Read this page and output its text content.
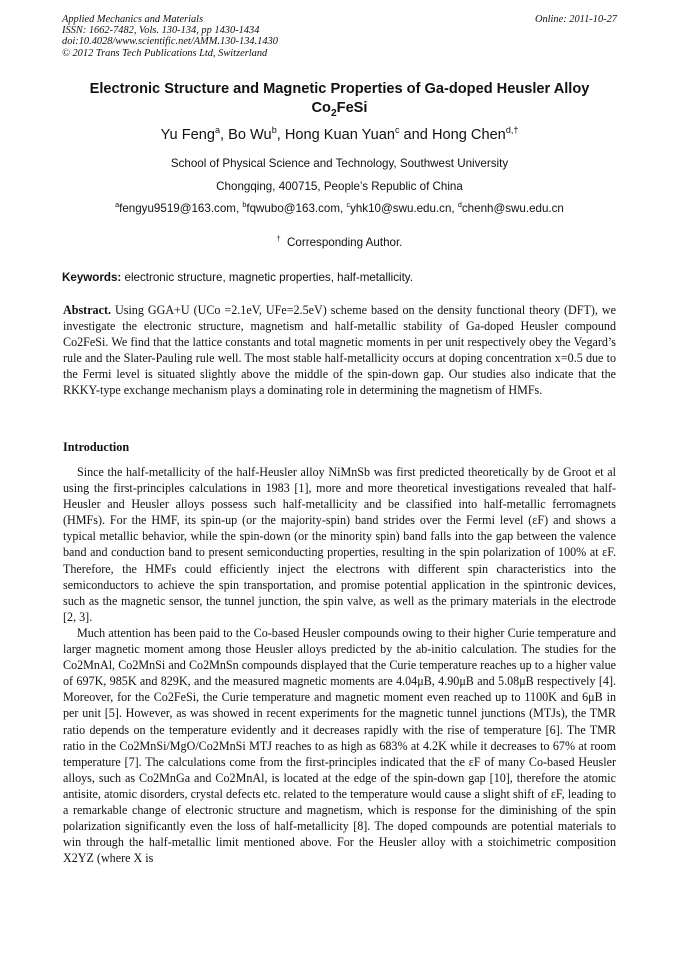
Applied Mechanics and Materials
ISSN: 1662-7482, Vols. 130-134, pp 1430-1434
doi:10.4028/www.scientific.net/AMM.130-134.1430
© 2012 Trans Tech Publications Ltd, Switzerland
Online: 2011-10-27
Electronic Structure and Magnetic Properties of Ga-doped Heusler Alloy
$Co_2FeSi$
Yu Feng$^a$, Bo Wu$^b$, Hong Kuan Yuan$^c$ and Hong Chen$^{d,\dagger}$
School of Physical Science and Technology, Southwest University
Chongqing, 400715, People’s Republic of China
$^a$fengyu9519@163.com, $^b$fqwubo@163.com, $^c$yhk10@swu.edu.cn, $^d$chenh@swu.edu.cn
† Corresponding Author.
Keywords: electronic structure, magnetic properties, half-metallicity.

Abstract. Using GGA+U (UCo =2.1eV, UFe=2.5eV) scheme based on the density functional theory (DFT), we investigate the electronic structure, magnetism and half-metallic stability of Ga-doped Heusler compound Co2FeSi. We find that the lattice constants and total magnetic moments in per unit respectively obey the Vegard’s rule and the Slater-Pauling rule well. The most stable half-metallicity occurs at doping concentration x=0.5 due to the Fermi level is situated slightly above the middle of the spin-down gap. Our studies also indicate that the RKKY-type exchange mechanism plays a dominating role in determining the magnetism of HMFs.

Introduction

Since the half-metallicity of the half-Heusler alloy NiMnSb was first predicted theoretically by de Groot et al using the first-principles calculations in 1983 [1], more and more theoretical investigations revealed that half-Heusler and Heusler alloys possess such half-metallicity and be classified into half-metallic ferromagnets (HMFs). For the HMF, its spin-up (or the majority-spin) band strides over the Fermi level (εF) and shows a typical metallic behavior, while the spin-down (or the minority spin) band falls into the gap between the valence band and conduction band to present semiconducting properties, resulting in the spin polarization of 100% at εF. Therefore, the HMFs could efficiently inject the electrons with different spin characteristics into the semiconductors to achieve the spin transportation, and promise potential application in the spintronic devices, such as the magnetic sensor, the tunnel junction, the spin valve, as well as the primary materials in the electrode [2, 3].

Much attention has been paid to the Co-based Heusler compounds owing to their higher Curie temperature and larger magnetic moment among those Heusler alloys predicted by the ab-initio calculation. The studies for the Co2MnAl, Co2MnSi and Co2MnSn compounds displayed that the Curie temperature reaches up to a higher value of 697K, 985K and 829K, and the measured magnetic moments are 4.04μB, 4.90μB and 5.08μB respectively [4]. Moreover, for the Co2FeSi, the Curie temperature and magnetic moment even reached up to 1100K and 6μB in per unit [5]. However, as was showed in recent experiments for the magnetic tunnel junctions (MTJs), the TMR ratio depends on the temperature evidently and it decreases rapidly with the rise of temperature [6]. The TMR ratio in the Co2MnSi/MgO/Co2MnSi MTJ reaches to as high as 683% at 4.2K while it decreases to 67% at room temperature [7]. The calculations come from the first-principles indicated that the εF of many Co-based Heusler alloys, such as Co2MnGa and Co2MnAl, is located at the edge of the spin-down gap [10], therefore the atomic antisite, atomic disorders, crystal defects etc. related to the temperature would cause a slight shift of εF, leading to a remarkable change of electronic structure and magnetism, which is response for the diminishing of the spin polarization significantly even the loss of half-metallicity [8]. The doped compounds are potential materials to win through the half-metallic limit mentioned above. For the Heusler alloy with a stoichimetric composition X2YZ (where X is
